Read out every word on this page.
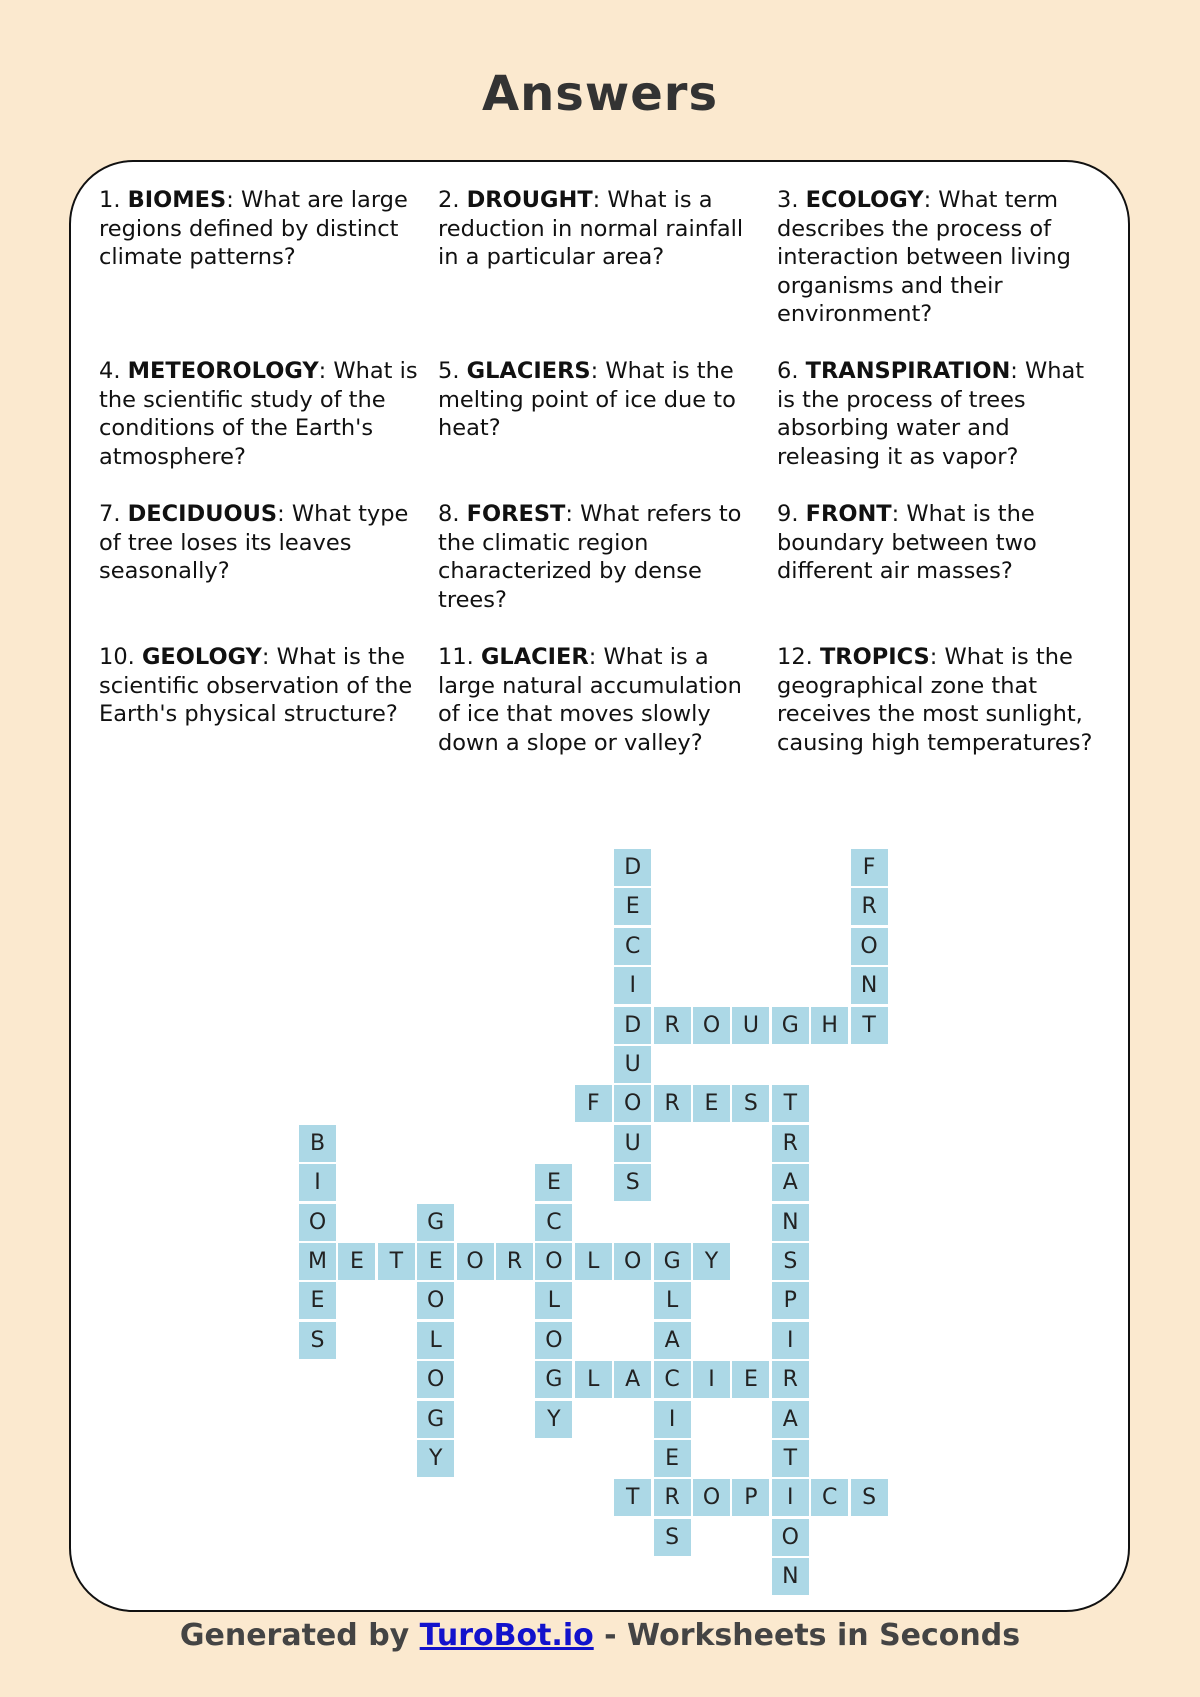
Answers
1. BIOMES: What are large regions defined by distinct climate patterns?
2. DROUGHT: What is a reduction in normal rainfall in a particular area?
3. ECOLOGY: What term describes the process of interaction between living organisms and their environment?
4. METEOROLOGY: What is the scientific study of the conditions of the Earth's atmosphere?
5. GLACIERS: What is the melting point of ice due to heat?
6. TRANSPIRATION: What is the process of trees absorbing water and releasing it as vapor?
7. DECIDUOUS: What type of tree loses its leaves seasonally?
8. FOREST: What refers to the climatic region characterized by dense trees?
9. FRONT: What is the boundary between two different air masses?
10. GEOLOGY: What is the scientific observation of the Earth's physical structure?
11. GLACIER: What is a large natural accumulation of ice that moves slowly down a slope or valley?
12. TROPICS: What is the geographical zone that receives the most sunlight, causing high temperatures?
D
E
C
I
D
U
O
U
S
F
R
O
N
T
R	O	U	G	H
F	R	E	S	T
R
A
N
S
P
I
R
A
T
I
O
N
B
I
O
M
E
S
E
C
O
L
O
G
Y
G
E
O
L
O
G
Y
E	T	O	R	L	O	G	Y
L
A
C
I
E
R
S
L	A	I	E
T	O	P	C	S
Generated by TuroBot.io - Worksheets in Seconds
